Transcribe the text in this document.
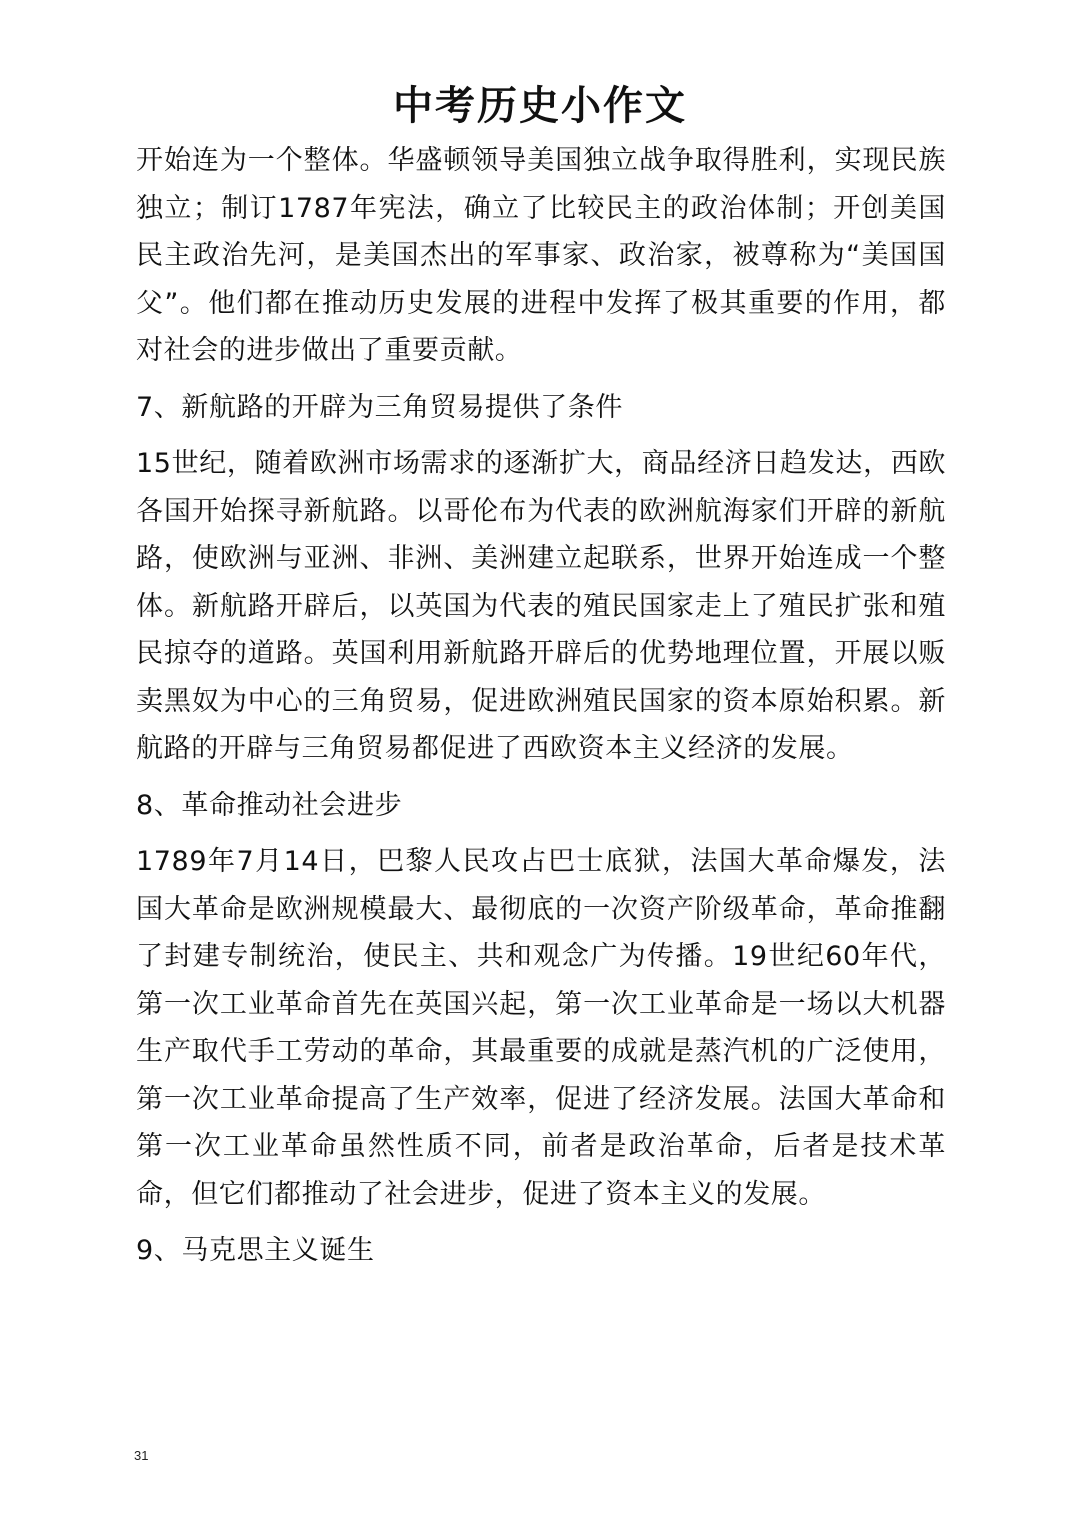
中考历史小作文

开始连为一个整体。华盛顿领导美国独立战争取得胜利，实现民族独立；制订1787年宪法，确立了比较民主的政治体制；开创美国民主政治先河，是美国杰出的军事家、政治家，被尊称为“美国国父”。他们都在推动历史发展的进程中发挥了极其重要的作用，都对社会的进步做出了重要贡献。

7、新航路的开辟为三角贸易提供了条件

15世纪，随着欧洲市场需求的逐渐扩大，商品经济日趋发达，西欧各国开始探寻新航路。以哥伦布为代表的欧洲航海家们开辟的新航路，使欧洲与亚洲、非洲、美洲建立起联系，世界开始连成一个整体。新航路开辟后，以英国为代表的殖民国家走上了殖民扩张和殖民掠夺的道路。英国利用新航路开辟后的优势地理位置，开展以贩卖黑奴为中心的三角贸易，促进欧洲殖民国家的资本原始积累。新航路的开辟与三角贸易都促进了西欧资本主义经济的发展。

8、革命推动社会进步

1789年7月14日，巴黎人民攻占巴士底狱，法国大革命爆发，法国大革命是欧洲规模最大、最彻底的一次资产阶级革命，革命推翻了封建专制统治，使民主、共和观念广为传播。19世纪60年代，第一次工业革命首先在英国兴起，第一次工业革命是一场以大机器生产取代手工劳动的革命，其最重要的成就是蒸汽机的广泛使用，第一次工业革命提高了生产效率，促进了经济发展。法国大革命和第一次工业革命虽然性质不同，前者是政治革命，后者是技术革命，但它们都推动了社会进步，促进了资本主义的发展。

9、马克思主义诞生

31
